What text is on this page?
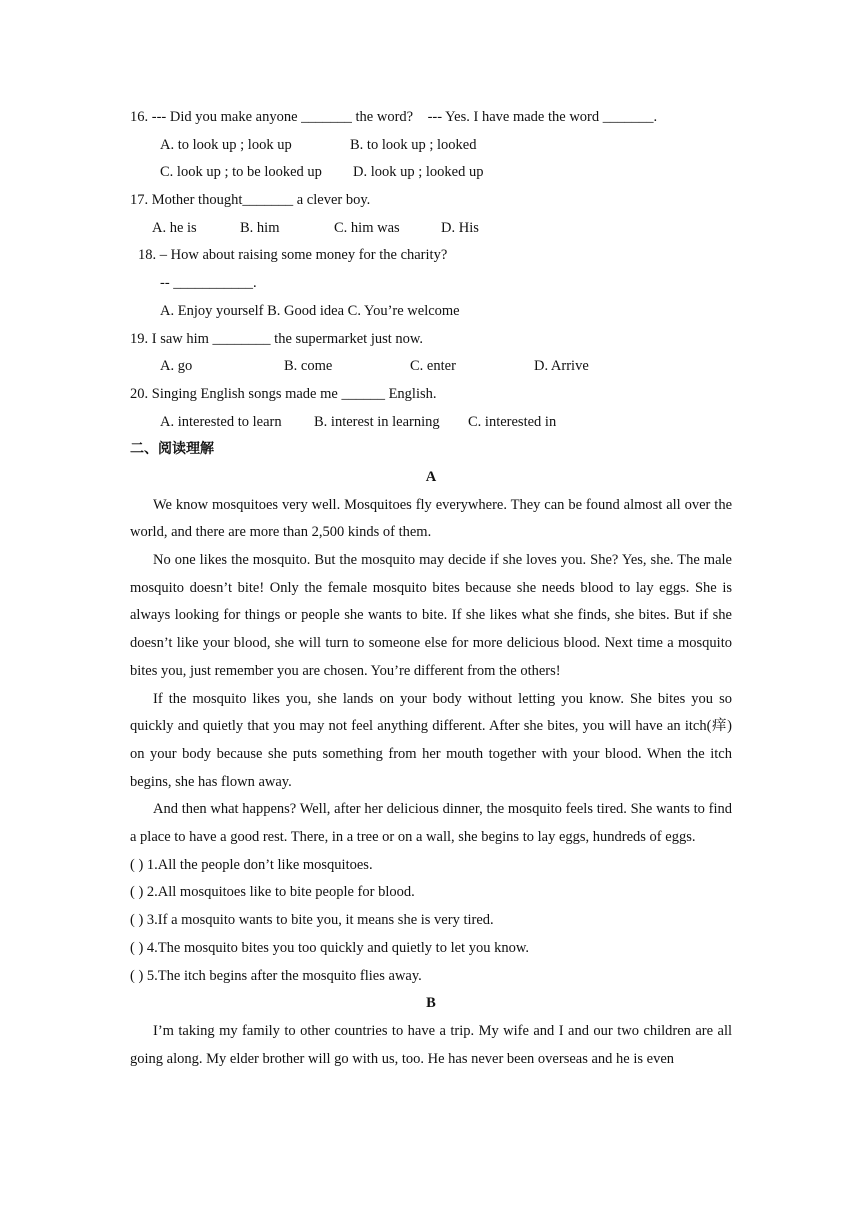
16. --- Did you make anyone _______ the word?    --- Yes. I have made the word _______.
A. to look up ; look up	B. to look up ; looked
C. look up ; to be looked up D. look up ; looked up
17. Mother thought_______ a clever boy.
A. he is	B. him	C. him was	D. His
18. – How about raising some money for the charity?
-- ___________.
A. Enjoy yourself B. Good idea C. You’re welcome
19. I saw him ________ the supermarket just now.
A. go	B. come	C. enter	D. Arrive
20. Singing English songs made me ______ English.
A. interested to learn B. interest in learning C. interested in
二、阅读理解
A

We know mosquitoes very well. Mosquitoes fly everywhere. They can be found almost all over the world, and there are more than 2,500 kinds of them.

No one likes the mosquito. But the mosquito may decide if she loves you. She? Yes, she. The male mosquito doesn’t bite! Only the female mosquito bites because she needs blood to lay eggs. She is always looking for things or people she wants to bite. If she likes what she finds, she bites. But if she doesn’t like your blood, she will turn to someone else for more delicious blood. Next time a mosquito bites you, just remember you are chosen. You’re different from the others!

If the mosquito likes you, she lands on your body without letting you know. She bites you so quickly and quietly that you may not feel anything different. After she bites, you will have an itch(痒) on your body because she puts something from her mouth together with your blood. When the itch begins, she has flown away.

And then what happens? Well, after her delicious dinner, the mosquito feels tired. She wants to find a place to have a good rest. There, in a tree or on a wall, she begins to lay eggs, hundreds of eggs.

( ) 1.All the people don’t like mosquitoes.
( ) 2.All mosquitoes like to bite people for blood.
( ) 3.If a mosquito wants to bite you, it means she is very tired.
( ) 4.The mosquito bites you too quickly and quietly to let you know.
( ) 5.The itch begins after the mosquito flies away.
B

I’m taking my family to other countries to have a trip. My wife and I and our two children are all going along. My elder brother will go with us, too. He has never been overseas and he is even
